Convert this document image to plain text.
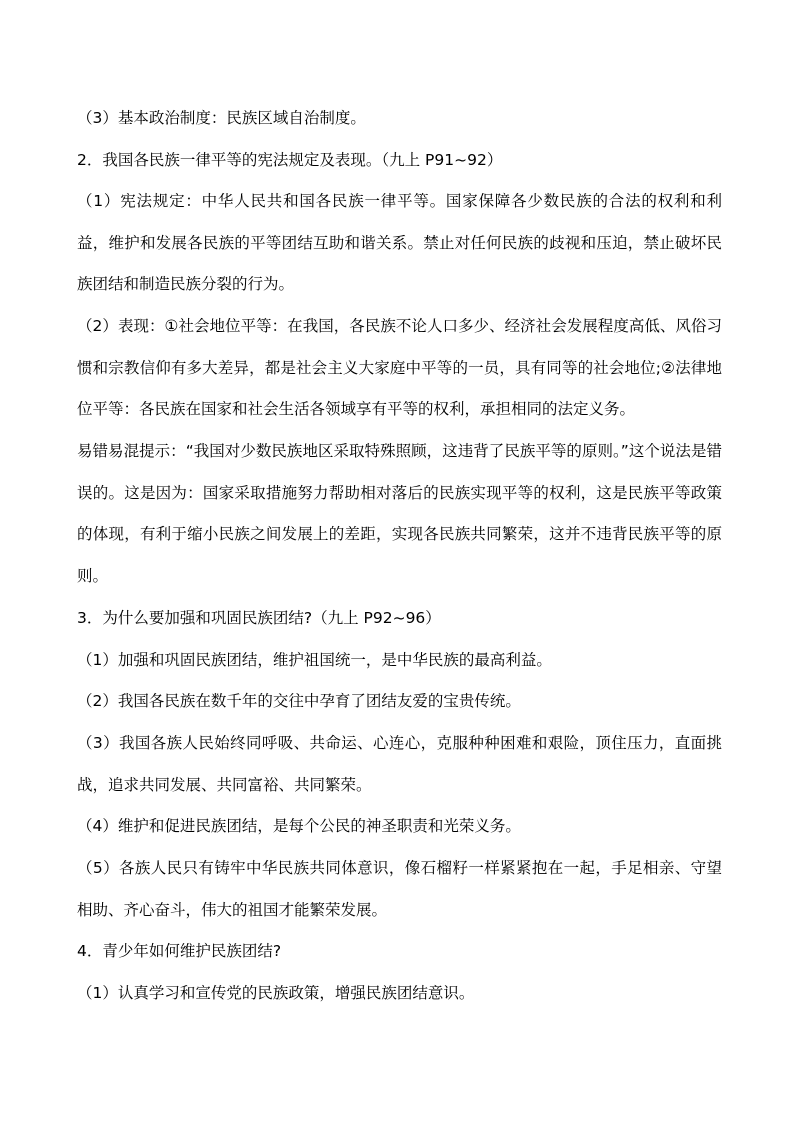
（3）基本政治制度：民族区域自治制度。

2．我国各民族一律平等的宪法规定及表现。（九上 P91~92）

（1）宪法规定：中华人民共和国各民族一律平等。国家保障各少数民族的合法的权利和利益，维护和发展各民族的平等团结互助和谐关系。禁止对任何民族的歧视和压迫，禁止破坏民族团结和制造民族分裂的行为。

（2）表现：①社会地位平等：在我国，各民族不论人口多少、经济社会发展程度高低、风俗习惯和宗教信仰有多大差异，都是社会主义大家庭中平等的一员，具有同等的社会地位;②法律地位平等：各民族在国家和社会生活各领域享有平等的权利，承担相同的法定义务。

易错易混提示：“我国对少数民族地区采取特殊照顾，这违背了民族平等的原则。”这个说法是错误的。这是因为：国家采取措施努力帮助相对落后的民族实现平等的权利，这是民族平等政策的体现，有利于缩小民族之间发展上的差距，实现各民族共同繁荣，这并不违背民族平等的原则。

3．为什么要加强和巩固民族团结?（九上 P92~96）

（1）加强和巩固民族团结，维护祖国统一，是中华民族的最高利益。

（2）我国各民族在数千年的交往中孕育了团结友爱的宝贵传统。

（3）我国各族人民始终同呼吸、共命运、心连心，克服种种困难和艰险，顶住压力，直面挑战，追求共同发展、共同富裕、共同繁荣。

（4）维护和促进民族团结，是每个公民的神圣职责和光荣义务。

（5）各族人民只有铸牢中华民族共同体意识，像石榴籽一样紧紧抱在一起，手足相亲、守望相助、齐心奋斗，伟大的祖国才能繁荣发展。

4．青少年如何维护民族团结?

（1）认真学习和宣传党的民族政策，增强民族团结意识。
